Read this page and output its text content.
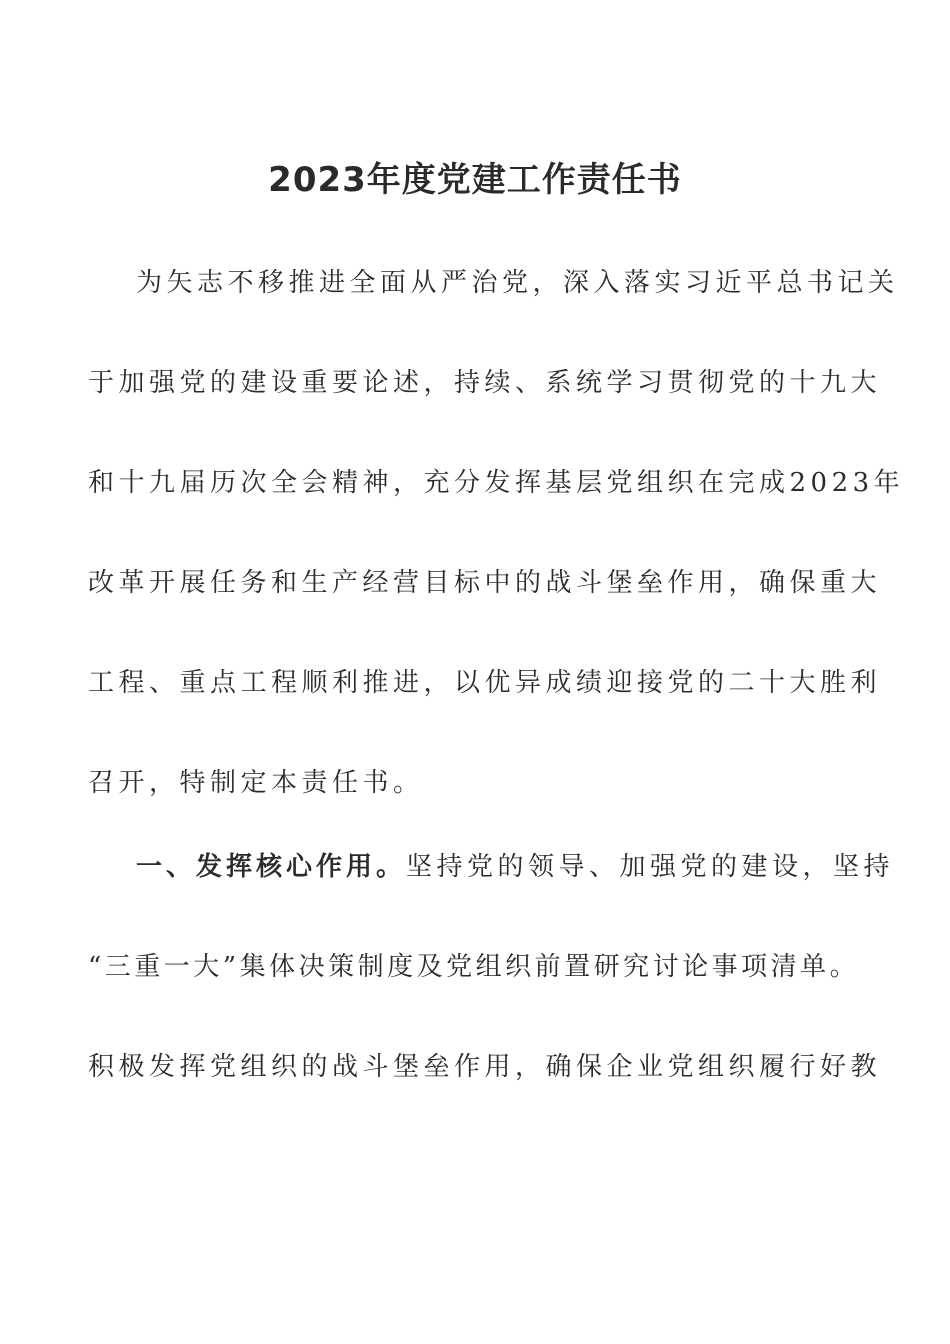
2023年度党建工作责任书
为矢志不移推进全面从严治党，深入落实习近平总书记关
于加强党的建设重要论述，持续、系统学习贯彻党的十九大
和十九届历次全会精神，充分发挥基层党组织在完成2023年
改革开展任务和生产经营目标中的战斗堡垒作用，确保重大
工程、重点工程顺利推进，以优异成绩迎接党的二十大胜利
召开，特制定本责任书。
一、发挥核心作用。坚持党的领导、加强党的建设，坚持
“三重一大”集体决策制度及党组织前置研究讨论事项清单。
积极发挥党组织的战斗堡垒作用，确保企业党组织履行好教
